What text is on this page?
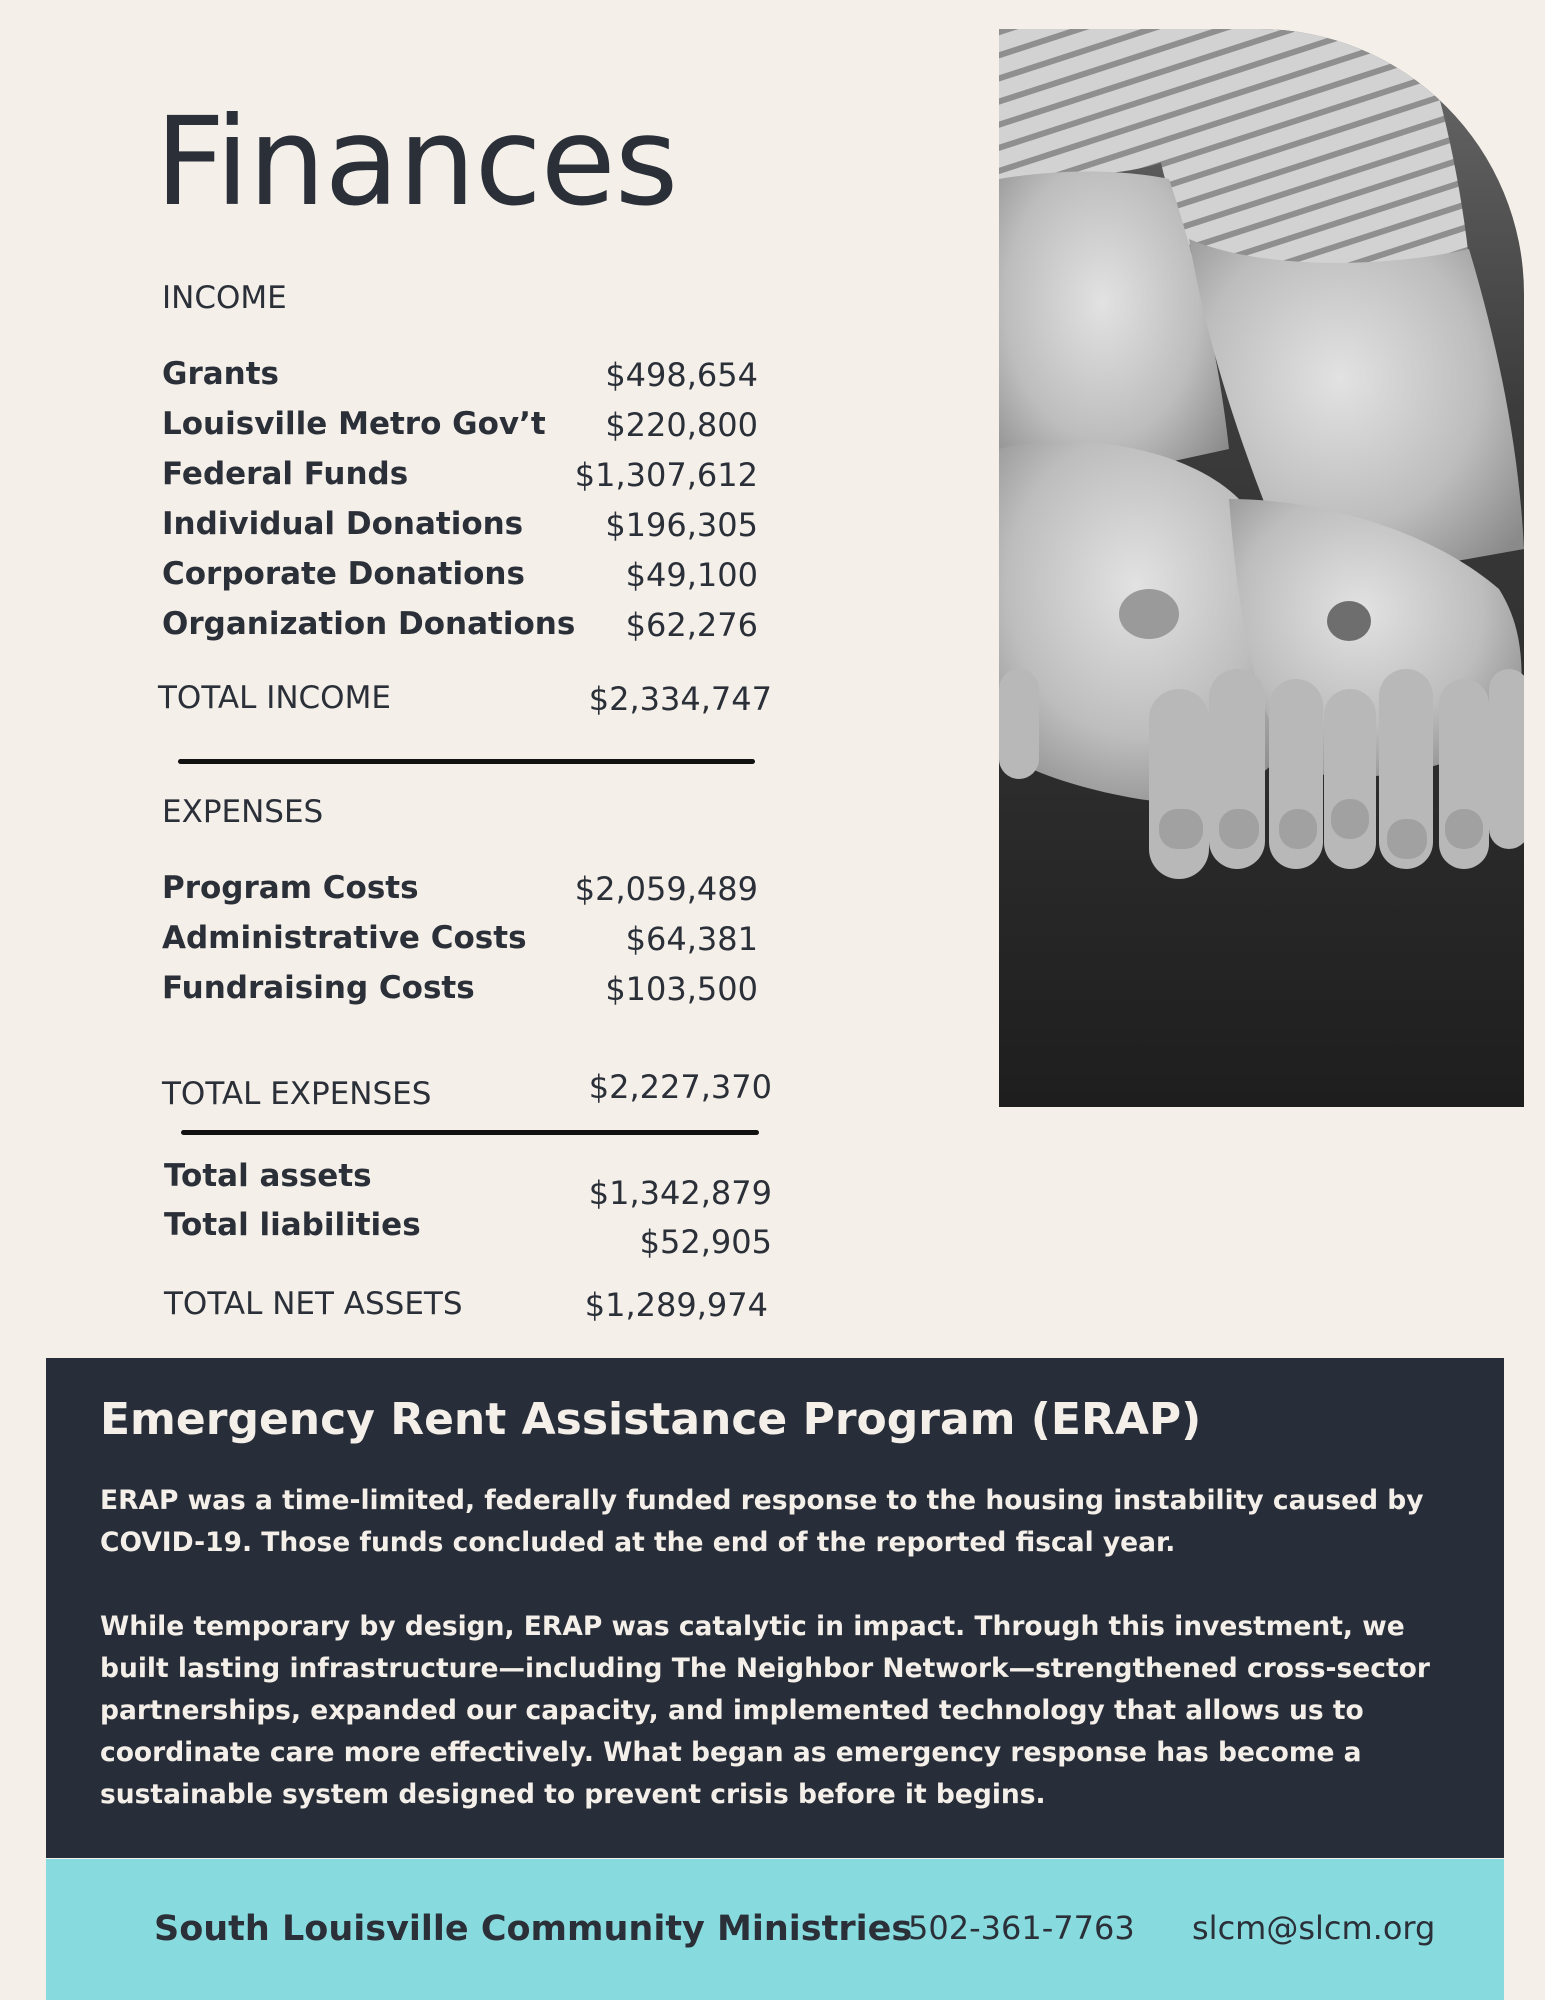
Finances
INCOME
Grants	$498,654
Louisville Metro Gov’t $220,800
Federal Funds	$1,307,612
Individual Donations	$196,305
Corporate Donations	$49,100
Organization Donations $62,276
TOTAL INCOME	$2,334,747
EXPENSES
Program Costs	$2,059,489
Administrative Costs	$64,381
Fundraising Costs	$103,500
TOTAL EXPENSES	$2,227,370
Total assets	$1,342,879
Total liabilities	$52,905
TOTAL NET ASSETS	$1,289,974
Emergency Rent Assistance Program (ERAP)

ERAP was a time-limited, federally funded response to the housing instability caused by COVID-19. Those funds concluded at the end of the reported fiscal year.

While temporary by design, ERAP was catalytic in impact. Through this investment, we built lasting infrastructure—including The Neighbor Network—strengthened cross-sector partnerships, expanded our capacity, and implemented technology that allows us to coordinate care more effectively. What began as emergency response has become a sustainable system designed to prevent crisis before it begins.

South Louisville Community Ministries
502-361-7763 slcm@slcm.org
